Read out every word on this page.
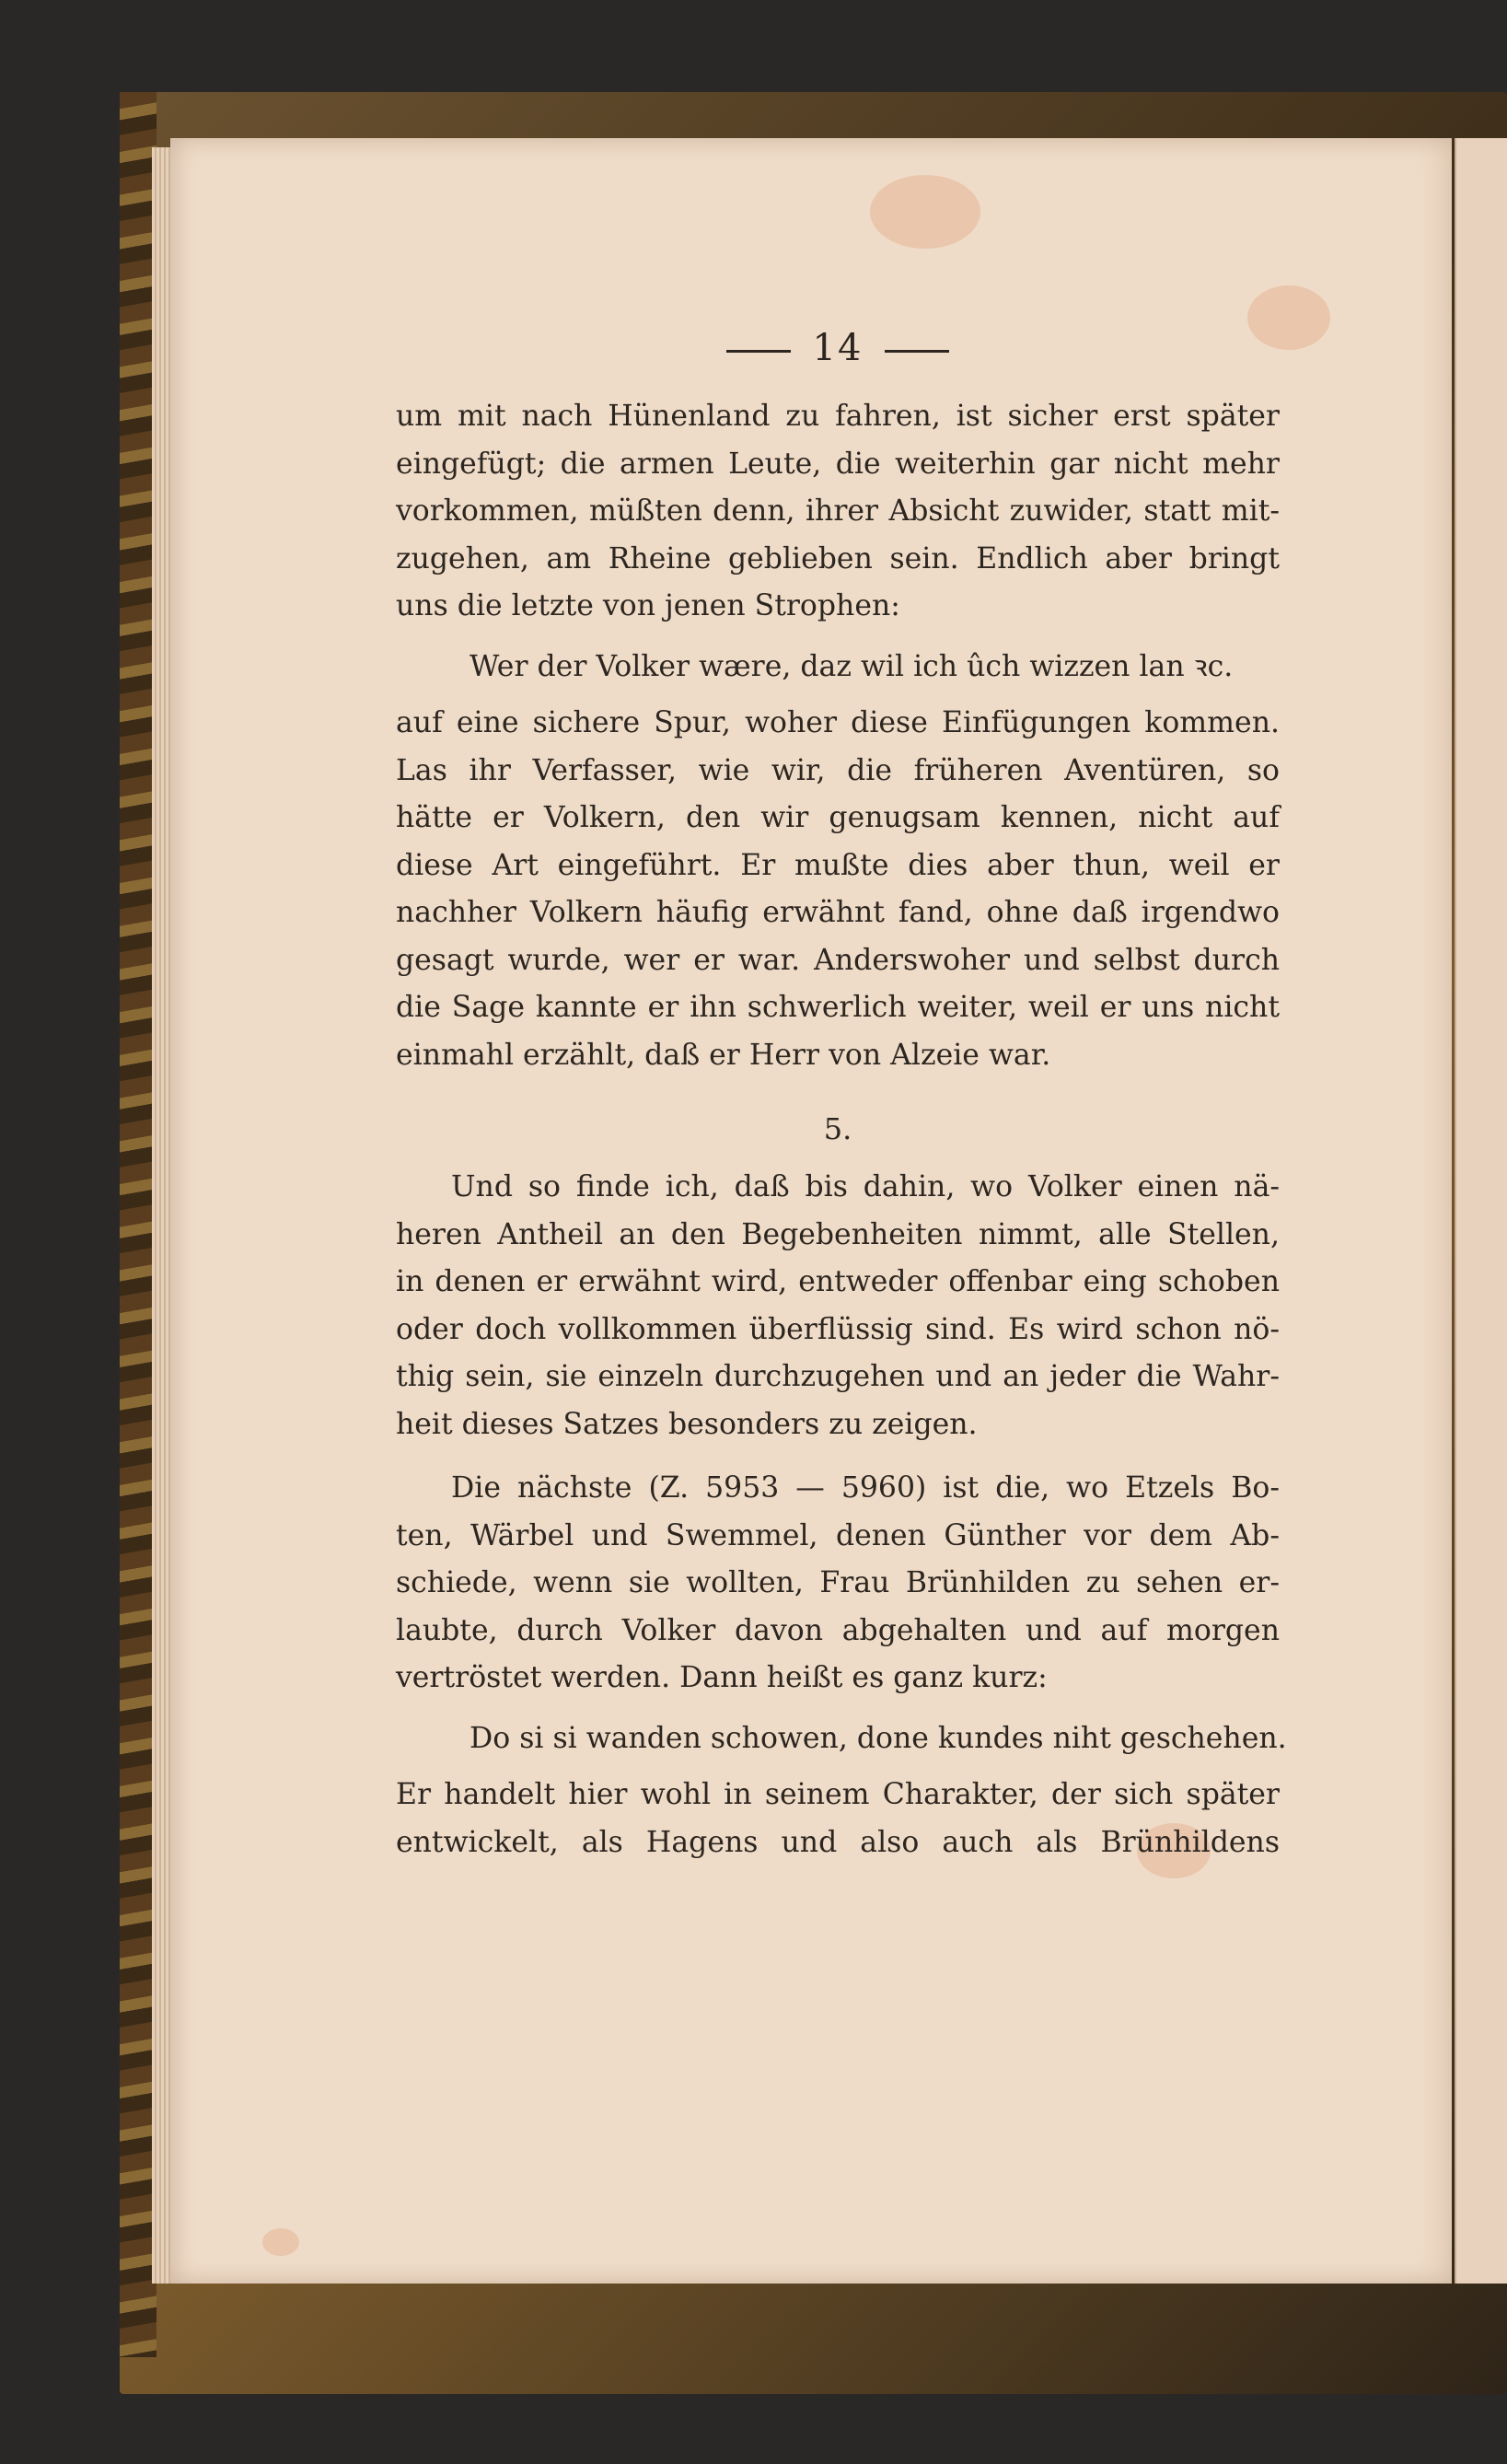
14
um mit nach Hünenland zu fahren, ist sicher erst später
eingefügt; die armen Leute, die weiterhin gar nicht mehr
vorkommen, müßten denn, ihrer Absicht zuwider, statt mit-
zugehen, am Rheine geblieben sein. Endlich aber bringt
uns die letzte von jenen Strophen:
Wer der Volker wære, daz wil ich ûch wizzen lan ꝛc.
auf eine sichere Spur, woher diese Einfügungen kommen.
Las ihr Verfasser, wie wir, die früheren Aventüren, so
hätte er Volkern, den wir genugsam kennen, nicht auf
diese Art eingeführt. Er mußte dies aber thun, weil er
nachher Volkern häufig erwähnt fand, ohne daß irgendwo
gesagt wurde, wer er war. Anderswoher und selbst durch
die Sage kannte er ihn schwerlich weiter, weil er uns nicht
einmahl erzählt, daß er Herr von Alzeie war.
5.
Und so finde ich, daß bis dahin, wo Volker einen nä-
heren Antheil an den Begebenheiten nimmt, alle Stellen,
in denen er erwähnt wird, entweder offenbar eing schoben
oder doch vollkommen überflüssig sind. Es wird schon nö-
thig sein, sie einzeln durchzugehen und an jeder die Wahr-
heit dieses Satzes besonders zu zeigen.
Die nächste (Z. 5953 — 5960) ist die, wo Etzels Bo-
ten, Wärbel und Swemmel, denen Günther vor dem Ab-
schiede, wenn sie wollten, Frau Brünhilden zu sehen er-
laubte, durch Volker davon abgehalten und auf morgen
vertröstet werden. Dann heißt es ganz kurz:
Do si si wanden schowen, done kundes niht geschehen.
Er handelt hier wohl in seinem Charakter, der sich später
entwickelt, als Hagens und also auch als Brünhildens
